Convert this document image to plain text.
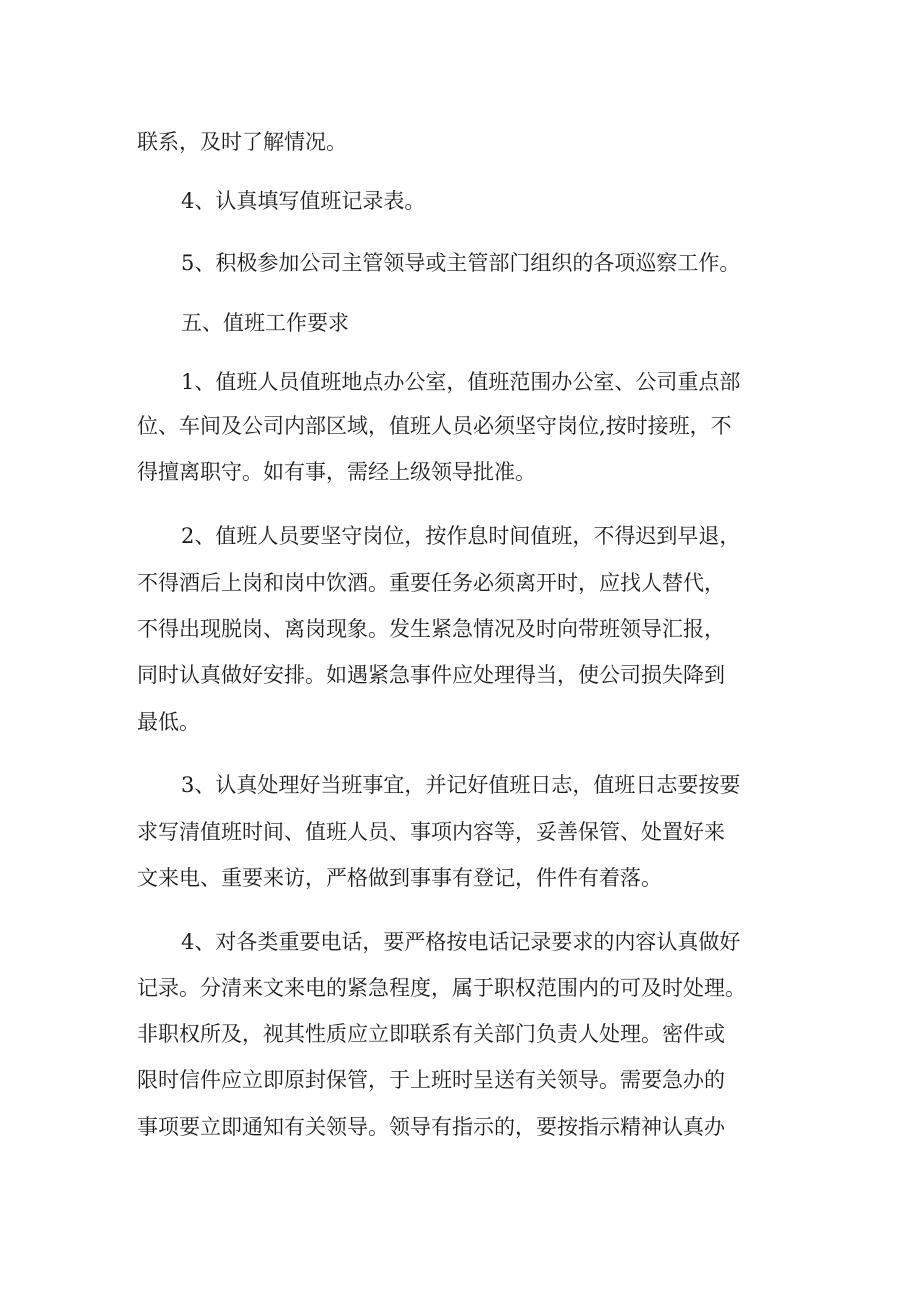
联系，及时了解情况。

4、认真填写值班记录表。

5、积极参加公司主管领导或主管部门组织的各项巡察工作。

五、值班工作要求

1、值班人员值班地点办公室，值班范围办公室、公司重点部

位、车间及公司内部区域，值班人员必须坚守岗位,按时接班，不

得擅离职守。如有事，需经上级领导批准。

2、值班人员要坚守岗位，按作息时间值班，不得迟到早退，

不得酒后上岗和岗中饮酒。重要任务必须离开时，应找人替代，

不得出现脱岗、离岗现象。发生紧急情况及时向带班领导汇报，

同时认真做好安排。如遇紧急事件应处理得当，使公司损失降到

最低。

3、认真处理好当班事宜，并记好值班日志，值班日志要按要

求写清值班时间、值班人员、事项内容等，妥善保管、处置好来

文来电、重要来访，严格做到事事有登记，件件有着落。

4、对各类重要电话，要严格按电话记录要求的内容认真做好

记录。分清来文来电的紧急程度，属于职权范围内的可及时处理。

非职权所及，视其性质应立即联系有关部门负责人处理。密件或

限时信件应立即原封保管，于上班时呈送有关领导。需要急办的

事项要立即通知有关领导。领导有指示的，要按指示精神认真办
